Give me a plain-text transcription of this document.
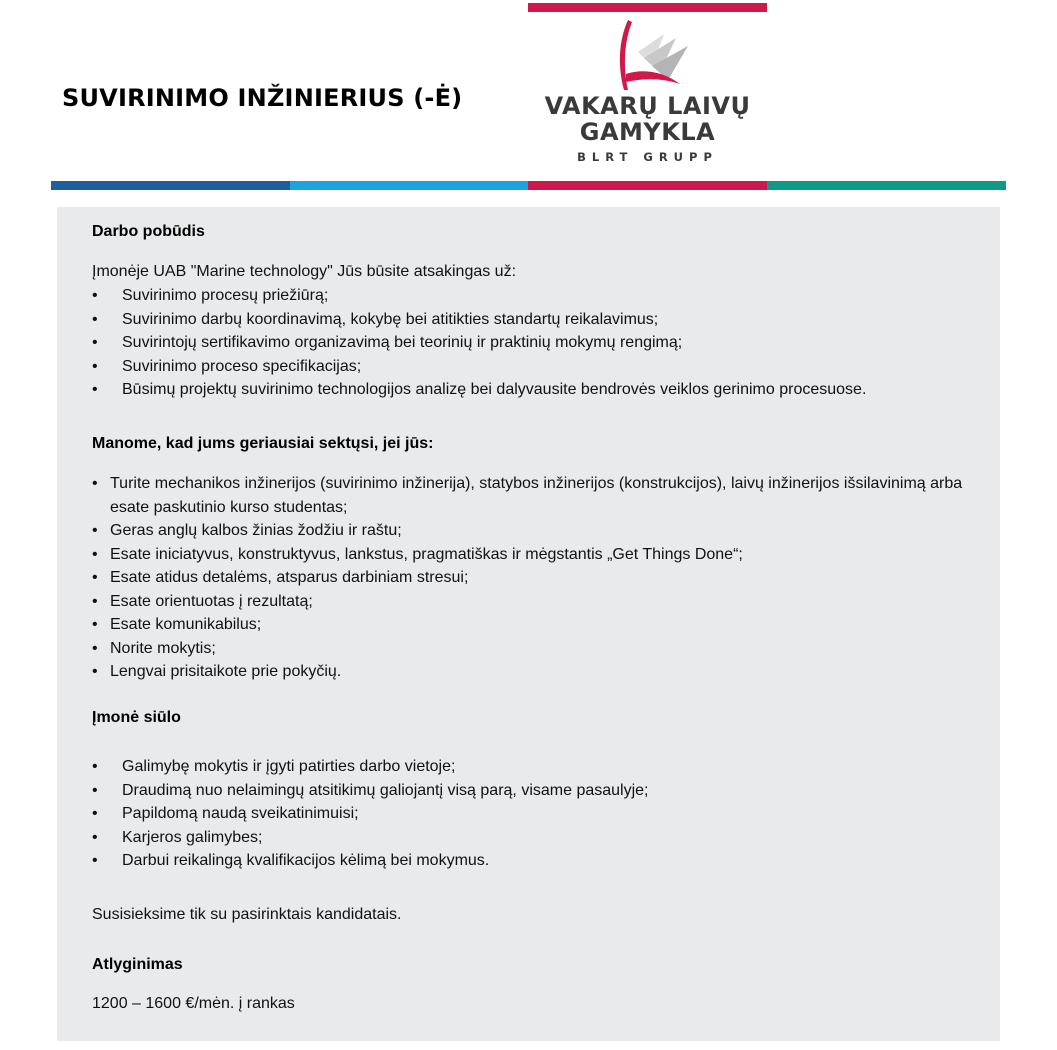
SUVIRINIMO INŽINIERIUS (-Ė)	VAKARŲ LAIVŲ
GAMYKLA
BLRT GRUPP
Darbo pobūdis

Įmonėje UAB "Marine technology" Jūs būsite atsakingas už:

• Suvirinimo procesų priežiūrą;
• Suvirinimo darbų koordinavimą, kokybę bei atitikties standartų reikalavimus;
• Suvirintojų sertifikavimo organizavimą bei teorinių ir praktinių mokymų rengimą;
• Suvirinimo proceso specifikacijas;
• Būsimų projektų suvirinimo technologijos analizę bei dalyvausite bendrovės veiklos gerinimo procesuose.
Manome, kad jums geriausiai sektųsi, jei jūs:
• Turite mechanikos inžinerijos (suvirinimo inžinerija), statybos inžinerijos (konstrukcijos), laivų inžinerijos išsilavinimą arba esate paskutinio kurso studentas;
• Geras anglų kalbos žinias žodžiu ir raštu;
• Esate iniciatyvus, konstruktyvus, lankstus, pragmatiškas ir mėgstantis „Get Things Done“;
• Esate atidus detalėms, atsparus darbiniam stresui;
• Esate orientuotas į rezultatą;
• Esate komunikabilus;
• Norite mokytis;
• Lengvai prisitaikote prie pokyčių.
Įmonė siūlo
• Galimybę mokytis ir įgyti patirties darbo vietoje;
• Draudimą nuo nelaimingų atsitikimų galiojantį visą parą, visame pasaulyje;
• Papildomą naudą sveikatinimuisi;
• Karjeros galimybes;
• Darbui reikalingą kvalifikacijos kėlimą bei mokymus.

Susisieksime tik su pasirinktais kandidatais.

Atlyginimas

1200 – 1600 €/mėn. į rankas
